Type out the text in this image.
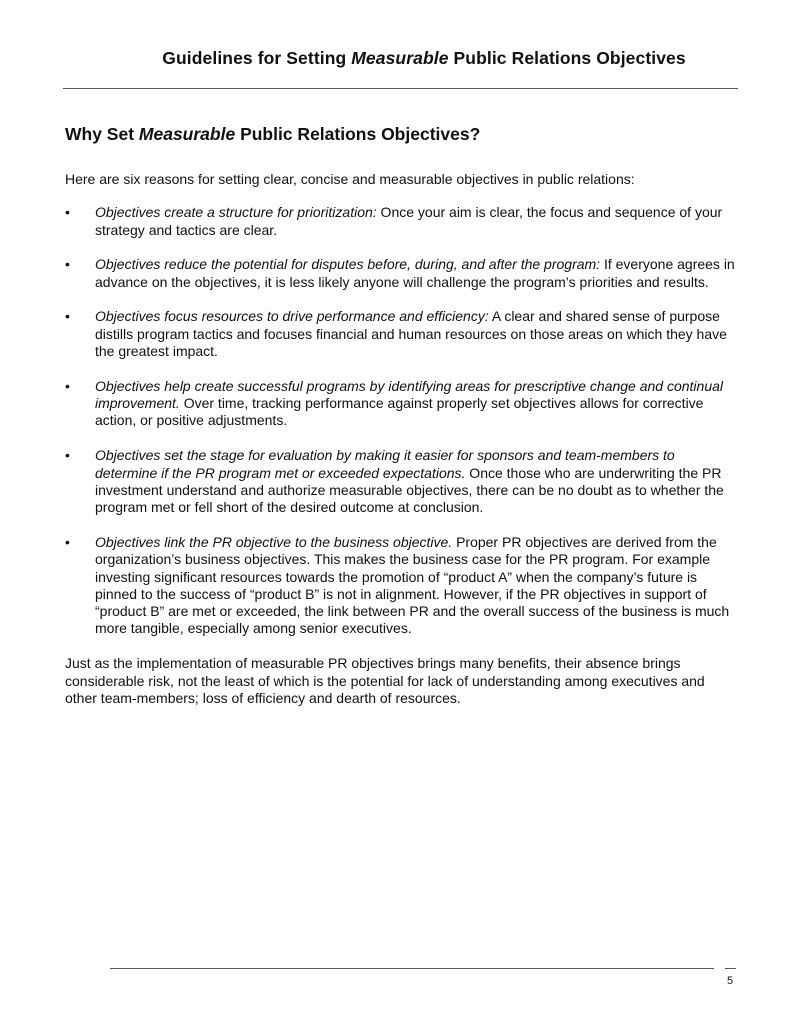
Guidelines for Setting Measurable Public Relations Objectives
Why Set Measurable Public Relations Objectives?

Here are six reasons for setting clear, concise and measurable objectives in public relations:

• Objectives create a structure for prioritization: Once your aim is clear, the focus and sequence of your strategy and tactics are clear.
• Objectives reduce the potential for disputes before, during, and after the program: If everyone agrees in advance on the objectives, it is less likely anyone will challenge the program’s priorities and results.
• Objectives focus resources to drive performance and efficiency: A clear and shared sense of purpose distills program tactics and focuses financial and human resources on those areas on which they have the greatest impact.
• Objectives help create successful programs by identifying areas for prescriptive change and continual improvement. Over time, tracking performance against properly set objectives allows for corrective action, or positive adjustments.
• Objectives set the stage for evaluation by making it easier for sponsors and team-members to determine if the PR program met or exceeded expectations. Once those who are underwriting the PR investment understand and authorize measurable objectives, there can be no doubt as to whether the program met or fell short of the desired outcome at conclusion.
• Objectives link the PR objective to the business objective. Proper PR objectives are derived from the organization’s business objectives. This makes the business case for the PR program. For example investing significant resources towards the promotion of “product A” when the company’s future is pinned to the success of “product B” is not in alignment. However, if the PR objectives in support of “product B” are met or exceeded, the link between PR and the overall success of the business is much more tangible, especially among senior executives.

Just as the implementation of measurable PR objectives brings many benefits, their absence brings considerable risk, not the least of which is the potential for lack of understanding among executives and other team-members; loss of efficiency and dearth of resources.

5
